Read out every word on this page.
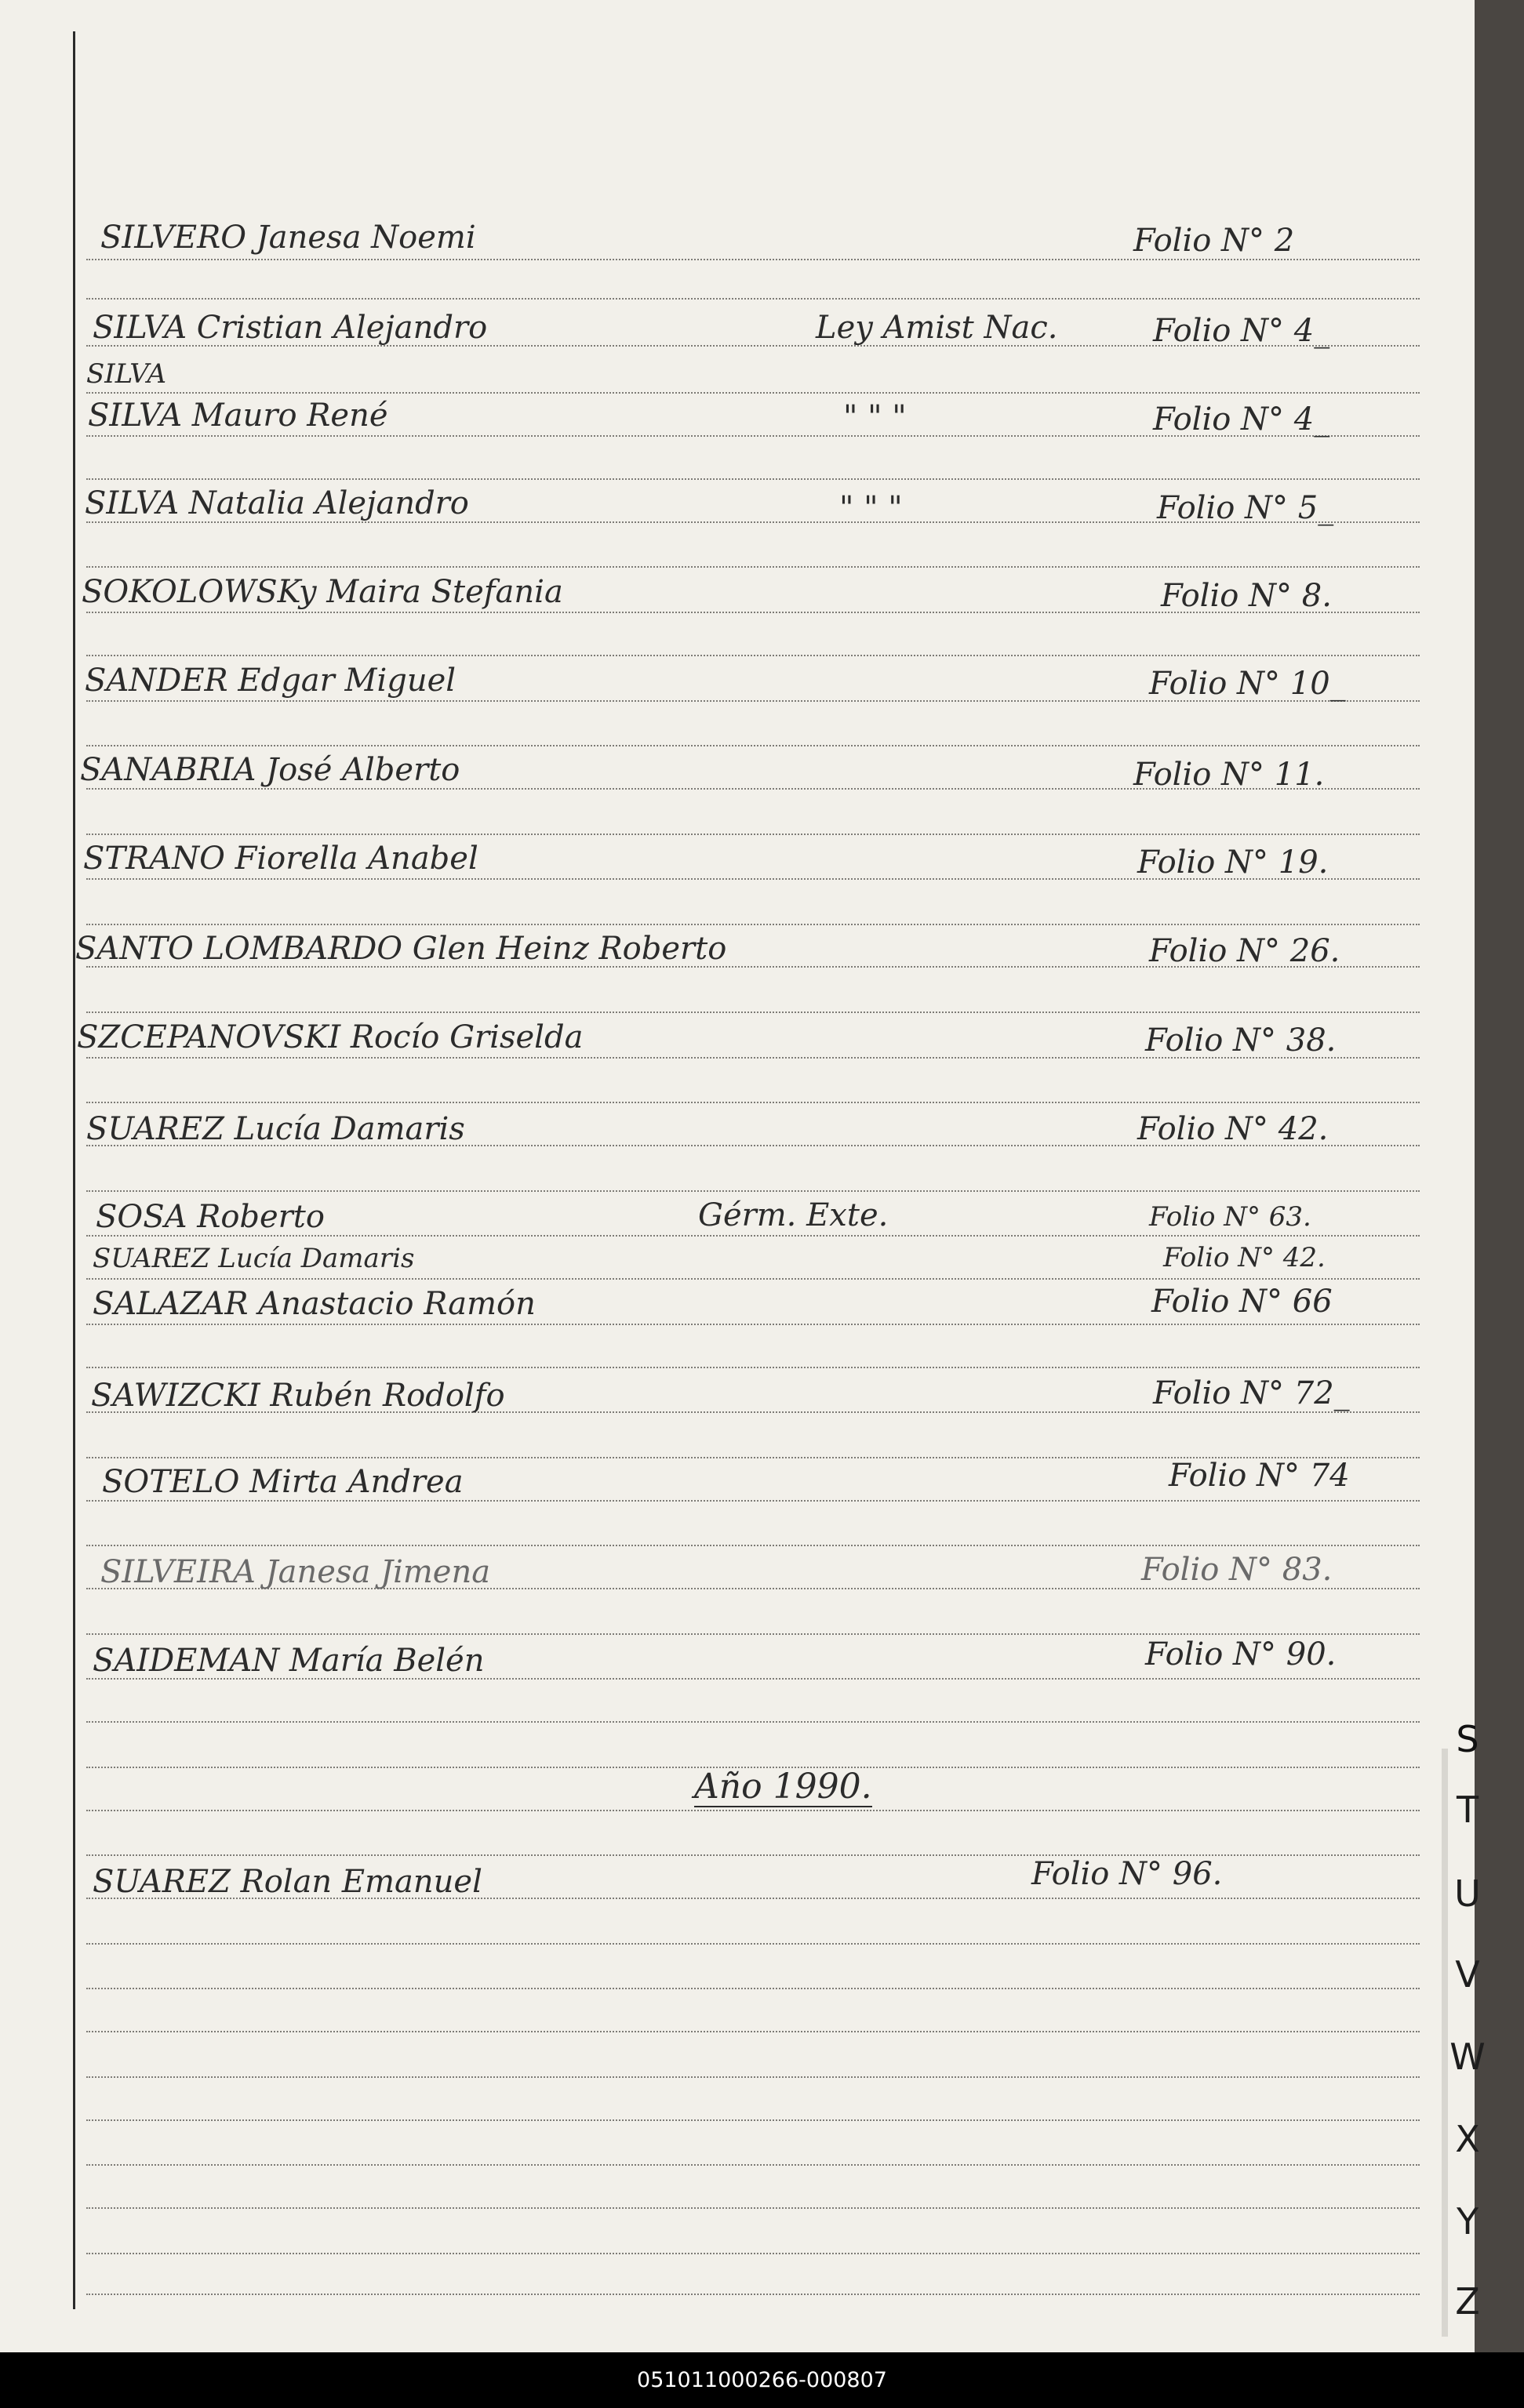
SILVERO Janesa Noemi	Folio N° 2
SILVA Cristian Alejandro	Ley Amist Nac.	Folio N° 4_
SILVA
SILVA Mauro René	" " "	Folio N° 4_
SILVA Natalia Alejandro	" " "	Folio N° 5_
SOKOLOWSKy Maira Stefania	Folio N° 8.
SANDER Edgar Miguel	Folio N° 10_
SANABRIA José Alberto	Folio N° 11.
STRANO Fiorella Anabel	Folio N° 19.
SANTO LOMBARDO Glen Heinz Roberto	Folio N° 26.
SZCEPANOVSKI Rocío Griselda	Folio N° 38.
SUAREZ Lucía Damaris	Folio N° 42.
SOSA Roberto	Gérm. Exte.	Folio N° 63.
SUAREZ Lucía Damaris	Folio N° 42.
SALAZAR Anastacio Ramón	Folio N° 66
SAWIZCKI Rubén Rodolfo	Folio N° 72_
SOTELO Mirta Andrea	Folio N° 74
SILVEIRA Janesa Jimena	Folio N° 83.
SAIDEMAN María Belén	Folio N° 90.
Año 1990.
SUAREZ Rolan Emanuel	Folio N° 96.
S
T
U
V
W
X
Y
Z
051011000266-000807
